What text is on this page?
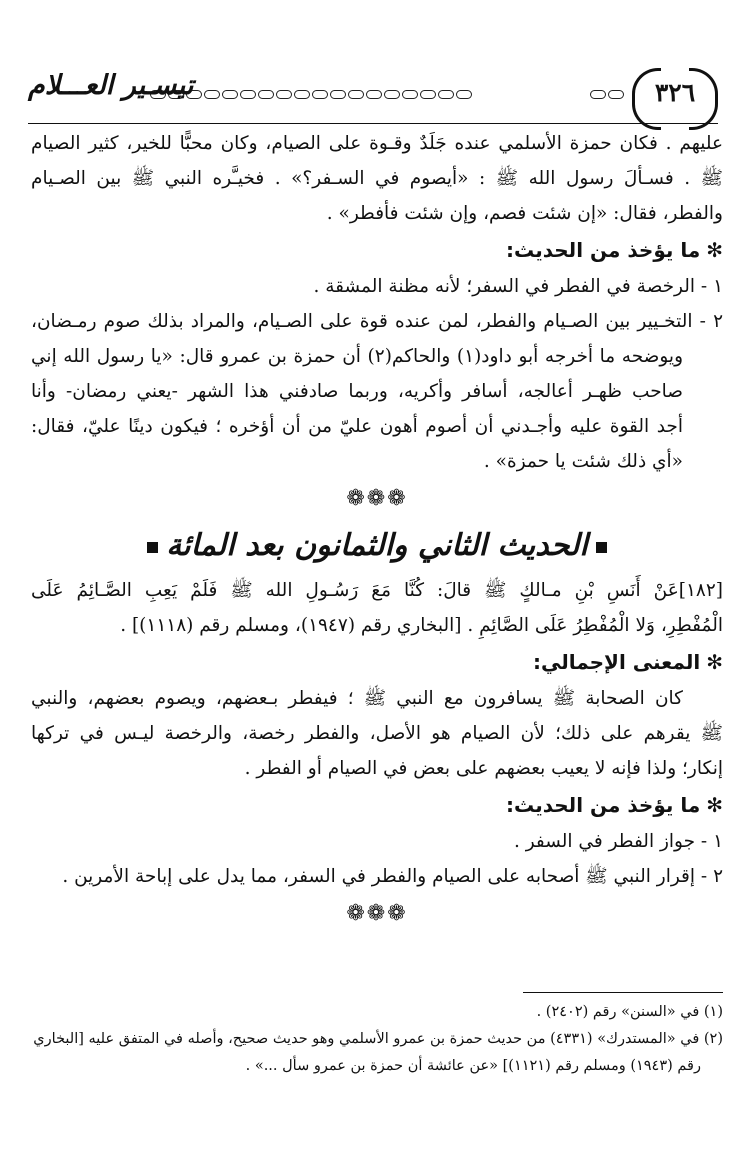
٣٢٦
تيسـير العـــلام

عليهم . فكان حمزة الأسلمي عنده جَلَدٌ وقـوة على الصيام، وكان محبًّا للخير، كثير الصيام

ﷺ . فسـألَ رسول الله ﷺ : «أيصوم في السـفر؟» . فخيـَّره النبي ﷺ بين الصـيام

والفطر، فقال: «إن شئت فصم، وإن شئت فأفطر» .

✻ما يؤخذ من الحديث:

١ - الرخصة في الفطر في السفر؛ لأنه مظنة المشقة .

٢ - التخـيير بين الصـيام والفطر، لمن عنده قوة على الصـيام، والمراد بذلك صوم رمـضان،

ويوضحه ما أخرجه أبو داود(١) والحاكم(٢) أن حمزة بن عمرو قال: «يا رسول الله إني

صاحب ظهـر أعالجه، أسافر وأكريه، وربما صادفني هذا الشهر -يعني رمضان- وأنا

أجد القوة عليه وأجـدني أن أصوم أهون عليّ من أن أؤخره ؛ فيكون دينًا عليّ، فقال:

«أي ذلك شئت يا حمزة» .

❁❁❁

الحديث الثاني والثمانون بعد المائة

[١٨٢]عَنْ أَنَسِ بْنِ مـالكٍ ﷺ قالَ: كُنَّا مَعَ رَسُـولِ الله ﷺ فَلَمْ يَعِبِ الصَّـائِمُ عَلَى

الْمُفْطِرِ، وَلا الْمُفْطِرُ عَلَى الصَّائِمِ . [البخاري رقم (١٩٤٧)، ومسلم رقم (١١١٨)] .

✻المعنى الإجمالي:

كان الصحابة ﷺ يسافرون مع النبي ﷺ ؛ فيفطر بـعضهم، ويصوم بعضهم، والنبي

ﷺ يقرهم على ذلك؛ لأن الصيام هو الأصل، والفطر رخصة، والرخصة ليـس في تركها

إنكار؛ ولذا فإنه لا يعيب بعضهم على بعض في الصيام أو الفطر .

✻ما يؤخذ من الحديث:

١ - جواز الفطر في السفر .

٢ - إقرار النبي ﷺ أصحابه على الصيام والفطر في السفر، مما يدل على إباحة الأمرين .

❁❁❁

(١) في «السنن» رقم (٢٤٠٢) .

(٢) في «المستدرك» (٤٣٣١) من حديث حمزة بن عمرو الأسلمي وهو حديث صحيح، وأصله في المتفق عليه [البخاري

رقم (١٩٤٣) ومسلم رقم (١١٢١)] «عن عائشة أن حمزة بن عمرو سأل ...» .
